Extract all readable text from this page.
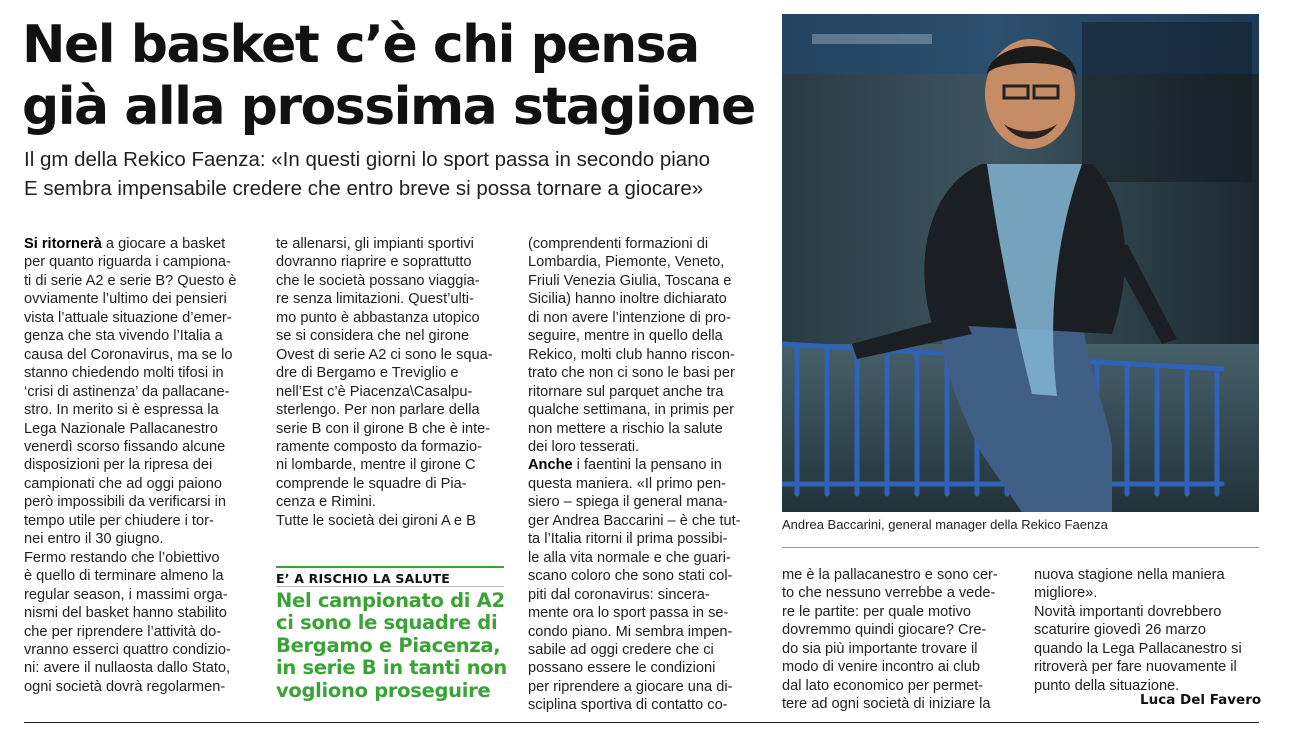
Nel basket c’è chi pensa
già alla prossima stagione
Il gm della Rekico Faenza: «In questi giorni lo sport passa in secondo piano
E sembra impensabile credere che entro breve si possa tornare a giocare»

Si ritornerà a giocare a basket
per quanto riguarda i campiona-
ti di serie A2 e serie B? Questo è
ovviamente l’ultimo dei pensieri
vista l’attuale situazione d’emer-
genza che sta vivendo l’Italia a
causa del Coronavirus, ma se lo
stanno chiedendo molti tifosi in
‘crisi di astinenza’ da pallacane-
stro. In merito si è espressa la
Lega Nazionale Pallacanestro
venerdì scorso fissando alcune
disposizioni per la ripresa dei
campionati che ad oggi paiono
però impossibili da verificarsi in
tempo utile per chiudere i tor-
nei entro il 30 giugno.
Fermo restando che l’obiettivo
è quello di terminare almeno la
regular season, i massimi orga-
nismi del basket hanno stabilito
che per riprendere l’attività do-
vranno esserci quattro condizio-
ni: avere il nullaosta dallo Stato,
ogni società dovrà regolarmen-

te allenarsi, gli impianti sportivi
dovranno riaprire e soprattutto
che le società possano viaggia-
re senza limitazioni. Quest’ulti-
mo punto è abbastanza utopico
se si considera che nel girone
Ovest di serie A2 ci sono le squa-
dre di Bergamo e Treviglio e
nell’Est c’è Piacenza\Casalpu-
sterlengo. Per non parlare della
serie B con il girone B che è inte-
ramente composto da formazio-
ni lombarde, mentre il girone C
comprende le squadre di Pia-
cenza e Rimini.
Tutte le società dei gironi A e B

E’ A RISCHIO LA SALUTE
Nel campionato di A2
ci sono le squadre di
Bergamo e Piacenza,
in serie B in tanti non
vogliono proseguire

(comprendenti formazioni di
Lombardia, Piemonte, Veneto,
Friuli Venezia Giulia, Toscana e
Sicilia) hanno inoltre dichiarato
di non avere l’intenzione di pro-
seguire, mentre in quello della
Rekico, molti club hanno riscon-
trato che non ci sono le basi per
ritornare sul parquet anche tra
qualche settimana, in primis per
non mettere a rischio la salute
dei loro tesserati.

Anche i faentini la pensano in
questa maniera. «Il primo pen-
siero – spiega il general mana-
ger Andrea Baccarini – è che tut-
ta l’Italia ritorni il prima possibi-
le alla vita normale e che guari-
scano coloro che sono stati col-
piti dal coronavirus: sincera-
mente ora lo sport passa in se-
condo piano. Mi sembra impen-
sabile ad oggi credere che ci
possano essere le condizioni
per riprendere a giocare una di-
sciplina sportiva di contatto co-

Andrea Baccarini, general manager della Rekico Faenza

me è la pallacanestro e sono cer-
to che nessuno verrebbe a vede-
re le partite: per quale motivo
dovremmo quindi giocare? Cre-
do sia più importante trovare il
modo di venire incontro ai club
dal lato economico per permet-
tere ad ogni società di iniziare la

nuova stagione nella maniera
migliore».
Novità importanti dovrebbero
scaturire giovedì 26 marzo
quando la Lega Pallacanestro si
ritroverà per fare nuovamente il
punto della situazione.

Luca Del Favero
